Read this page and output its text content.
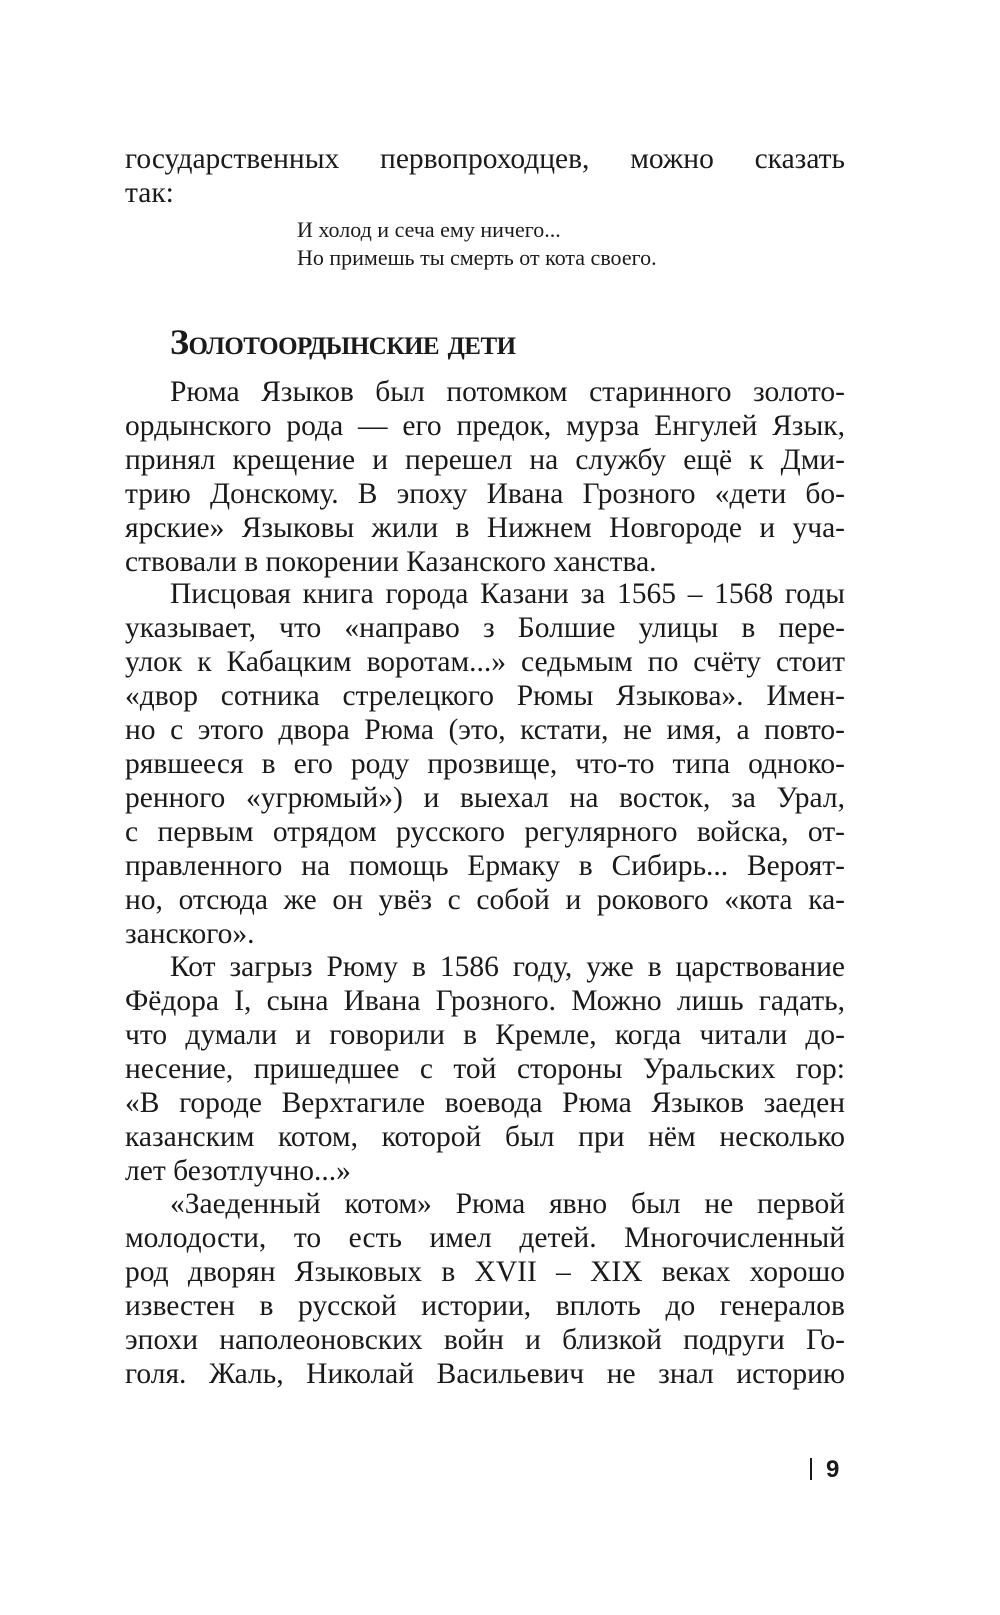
государственных первопроходцев, можно сказать
так:
И холод и сеча ему ничего...
Но примешь ты смерть от кота своего.
Золотоордынские дети
Рюма Языков был потомком старинного золото-
ордынского рода — его предок, мурза Енгулей Язык,
принял крещение и перешел на службу ещё к Дми-
трию Донскому. В эпоху Ивана Грозного «дети бо-
ярские» Языковы жили в Нижнем Новгороде и уча-
ствовали в покорении Казанского ханства.
Писцовая книга города Казани за 1565 – 1568 годы
указывает, что «направо з Болшие улицы в пере-
улок к Кабацким воротам...» седьмым по счёту стоит
«двор сотника стрелецкого Рюмы Языкова». Имен-
но с этого двора Рюма (это, кстати, не имя, а повто-
рявшееся в его роду прозвище, что-то типа одноко-
ренного «угрюмый») и выехал на восток, за Урал,
с первым отрядом русского регулярного войска, от-
правленного на помощь Ермаку в Сибирь... Вероят-
но, отсюда же он увёз с собой и рокового «кота ка-
занского».
Кот загрыз Рюму в 1586 году, уже в царствование
Фёдора I, сына Ивана Грозного. Можно лишь гадать,
что думали и говорили в Кремле, когда читали до-
несение, пришедшее с той стороны Уральских гор:
«В городе Верхтагиле воевода Рюма Языков заеден
казанским котом, которой был при нём несколько
лет безотлучно...»
«Заеденный котом» Рюма явно был не первой
молодости, то есть имел детей. Многочисленный
род дворян Языковых в XVII – XIX веках хорошо
известен в русской истории, вплоть до генералов
эпохи наполеоновских войн и близкой подруги Го-
голя. Жаль, Николай Васильевич не знал историю
9
